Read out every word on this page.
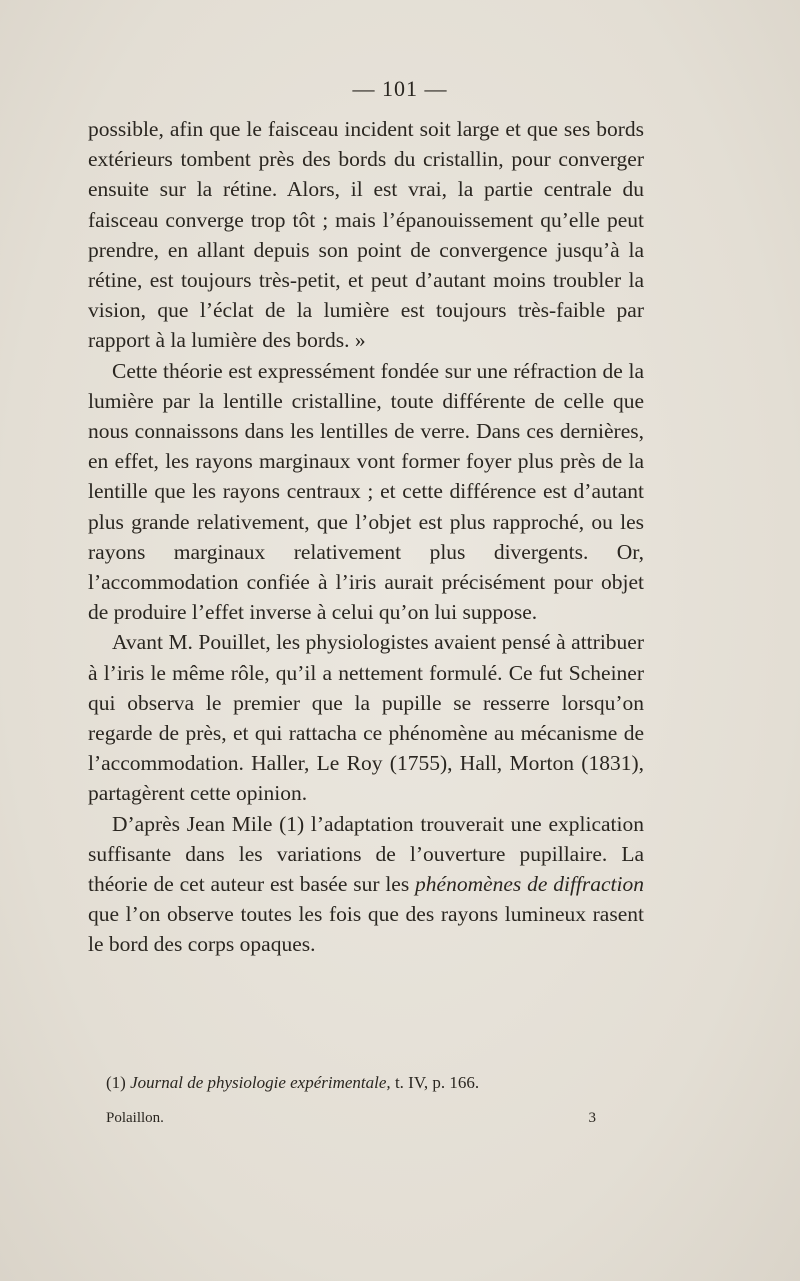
— 101 —

possible, afin que le faisceau incident soit large et que ses bords extérieurs tombent près des bords du cristallin, pour converger ensuite sur la rétine. Alors, il est vrai, la partie centrale du faisceau converge trop tôt ; mais l’épanouissement qu’elle peut prendre, en allant depuis son point de convergence jusqu’à la rétine, est toujours très-petit, et peut d’autant moins troubler la vision, que l’éclat de la lumière est toujours très-faible par rapport à la lumière des bords. »

Cette théorie est expressément fondée sur une réfraction de la lumière par la lentille cristalline, toute différente de celle que nous connaissons dans les lentilles de verre. Dans ces dernières, en effet, les rayons marginaux vont former foyer plus près de la lentille que les rayons centraux ; et cette différence est d’autant plus grande relativement, que l’objet est plus rapproché, ou les rayons marginaux relativement plus divergents. Or, l’accommodation confiée à l’iris aurait précisément pour objet de produire l’effet inverse à celui qu’on lui suppose.

Avant M. Pouillet, les physiologistes avaient pensé à attribuer à l’iris le même rôle, qu’il a nettement formulé. Ce fut Scheiner qui observa le premier que la pupille se resserre lorsqu’on regarde de près, et qui rattacha ce phénomène au mécanisme de l’accommodation. Haller, Le Roy (1755), Hall, Morton (1831), partagèrent cette opinion.

D’après Jean Mile (1) l’adaptation trouverait une explication suffisante dans les variations de l’ouverture pupillaire. La théorie de cet auteur est basée sur les phénomènes de diffraction que l’on observe toutes les fois que des rayons lumineux rasent le bord des corps opaques.

(1) Journal de physiologie expérimentale, t. IV, p. 166.
Polaillon.	3
